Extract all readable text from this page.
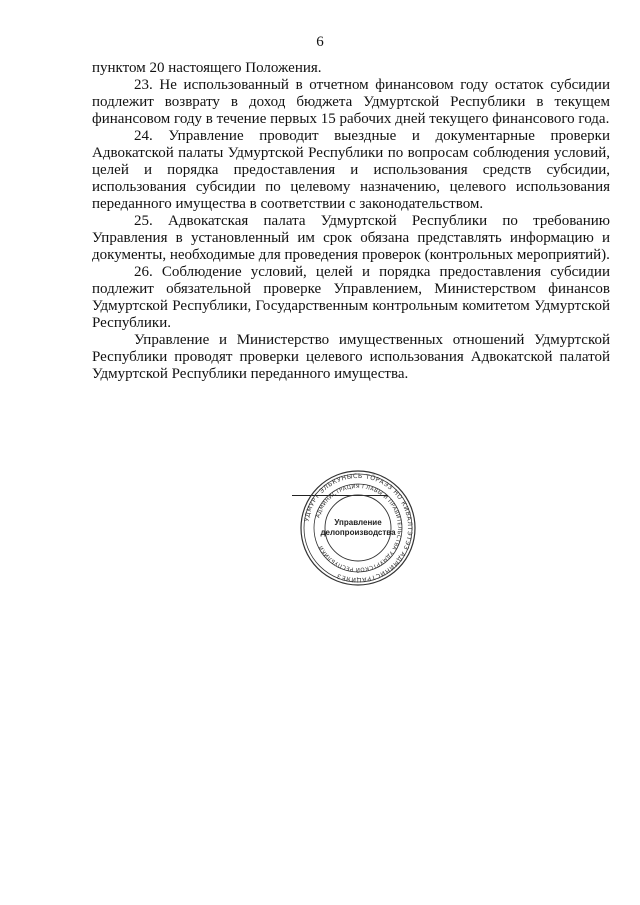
6

пунктом 20 настоящего Положения.

23. Не использованный в отчетном финансовом году остаток субсидии подлежит возврату в доход бюджета Удмуртской Республики в текущем финансовом году в течение первых 15 рабочих дней текущего финансового года.

24. Управление проводит выездные и документарные проверки Адвокатской палаты Удмуртской Республики по вопросам соблюдения условий, целей и порядка предоставления и использования средств субсидии, использования субсидии по целевому назначению, целевого использования переданного имущества в соответствии с законодательством.

25. Адвокатская палата Удмуртской Республики по требованию Управления в установленный им срок обязана представлять информацию и документы, необходимые для проведения проверок (контрольных мероприятий).

26. Соблюдение условий, целей и порядка предоставления субсидии подлежит обязательной проверке Управлением, Министерством финансов Удмуртской Республики, Государственным контрольным комитетом Удмуртской Республики.

Управление и Министерство имущественных отношений Удмуртской Республики проводят проверки целевого использования Адвокатской палатой Удмуртской Республики переданного имущества.

УДМУРТ ЭЛЬКУНЫСЬ ТӦРАЭЗ НО КИВАЛТЭТЭЗ АДМИНИСТРАЦИЯЕЗ
АДМИНИСТРАЦИЯ ГЛАВЫ И ПРАВИТЕЛЬСТВА УДМУРТСКОЙ РЕСПУБЛИКИ
Управление
делопроизводства
